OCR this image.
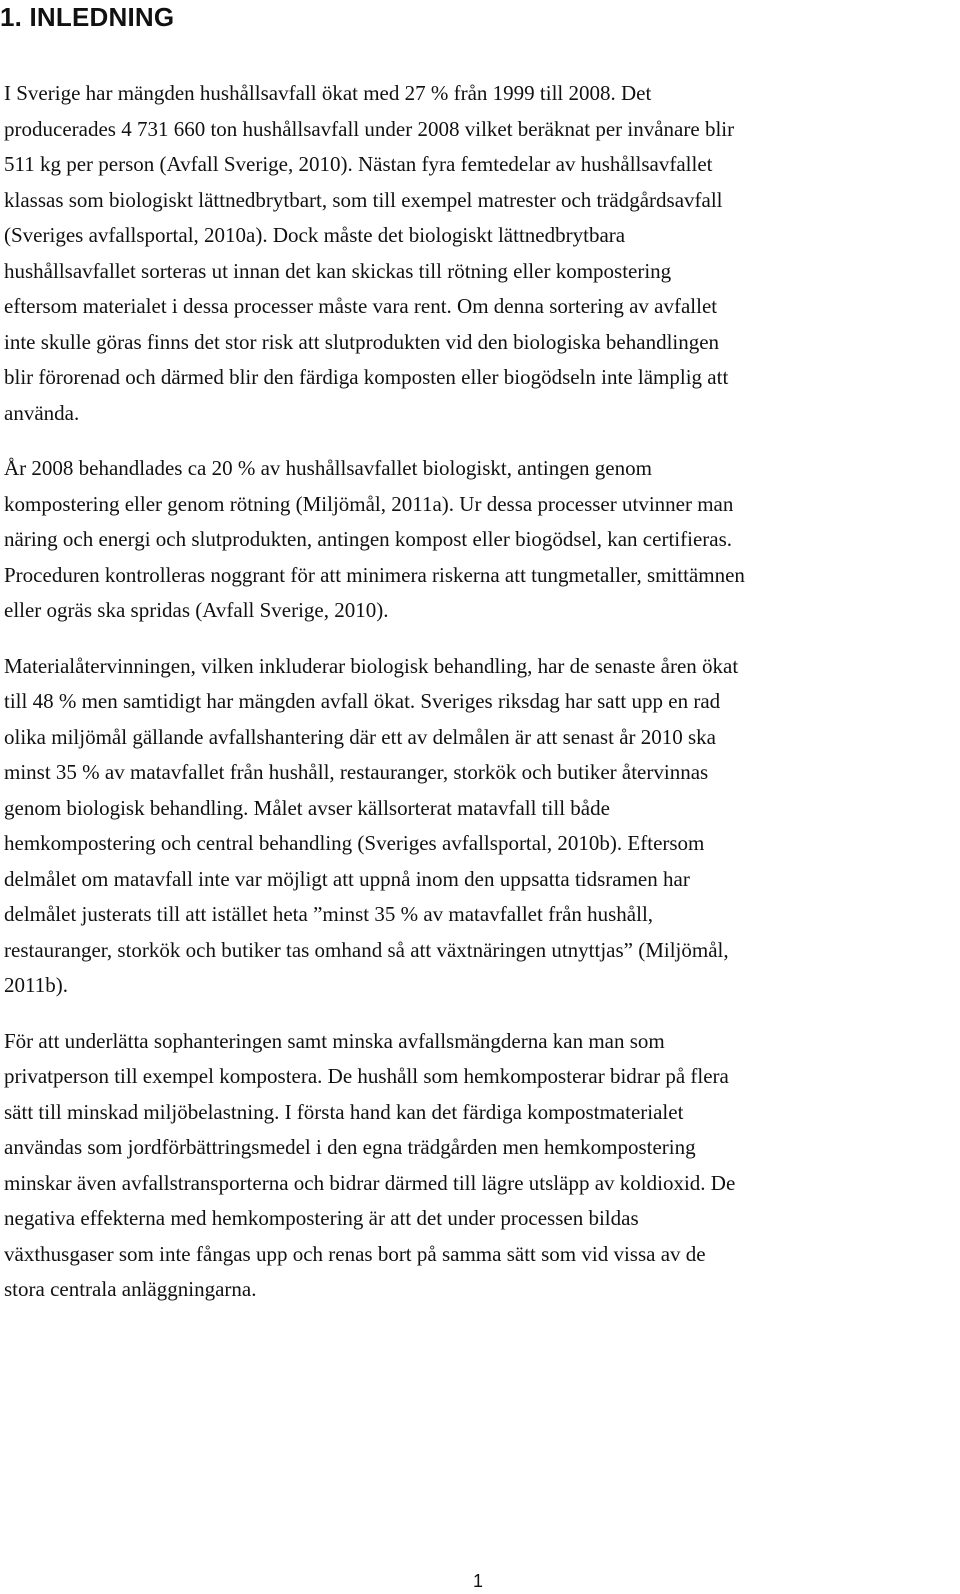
1. INLEDNING

I Sverige har mängden hushållsavfall ökat med 27 % från 1999 till 2008. Det
producerades 4 731 660 ton hushållsavfall under 2008 vilket beräknat per invånare blir
511 kg per person (Avfall Sverige, 2010). Nästan fyra femtedelar av hushållsavfallet
klassas som biologiskt lättnedbrytbart, som till exempel matrester och trädgårdsavfall
(Sveriges avfallsportal, 2010a). Dock måste det biologiskt lättnedbrytbara
hushållsavfallet sorteras ut innan det kan skickas till rötning eller kompostering
eftersom materialet i dessa processer måste vara rent. Om denna sortering av avfallet
inte skulle göras finns det stor risk att slutprodukten vid den biologiska behandlingen
blir förorenad och därmed blir den färdiga komposten eller biogödseln inte lämplig att
använda.

År 2008 behandlades ca 20 % av hushållsavfallet biologiskt, antingen genom
kompostering eller genom rötning (Miljömål, 2011a). Ur dessa processer utvinner man
näring och energi och slutprodukten, antingen kompost eller biogödsel, kan certifieras.
Proceduren kontrolleras noggrant för att minimera riskerna att tungmetaller, smittämnen
eller ogräs ska spridas (Avfall Sverige, 2010).

Materialåtervinningen, vilken inkluderar biologisk behandling, har de senaste åren ökat
till 48 % men samtidigt har mängden avfall ökat. Sveriges riksdag har satt upp en rad
olika miljömål gällande avfallshantering där ett av delmålen är att senast år 2010 ska
minst 35 % av matavfallet från hushåll, restauranger, storkök och butiker återvinnas
genom biologisk behandling. Målet avser källsorterat matavfall till både
hemkompostering och central behandling (Sveriges avfallsportal, 2010b). Eftersom
delmålet om matavfall inte var möjligt att uppnå inom den uppsatta tidsramen har
delmålet justerats till att istället heta ”minst 35 % av matavfallet från hushåll,
restauranger, storkök och butiker tas omhand så att växtnäringen utnyttjas” (Miljömål,
2011b).

För att underlätta sophanteringen samt minska avfallsmängderna kan man som
privatperson till exempel kompostera. De hushåll som hemkomposterar bidrar på flera
sätt till minskad miljöbelastning. I första hand kan det färdiga kompostmaterialet
användas som jordförbättringsmedel i den egna trädgården men hemkompostering
minskar även avfallstransporterna och bidrar därmed till lägre utsläpp av koldioxid. De
negativa effekterna med hemkompostering är att det under processen bildas
växthusgaser som inte fångas upp och renas bort på samma sätt som vid vissa av de
stora centrala anläggningarna.

1
